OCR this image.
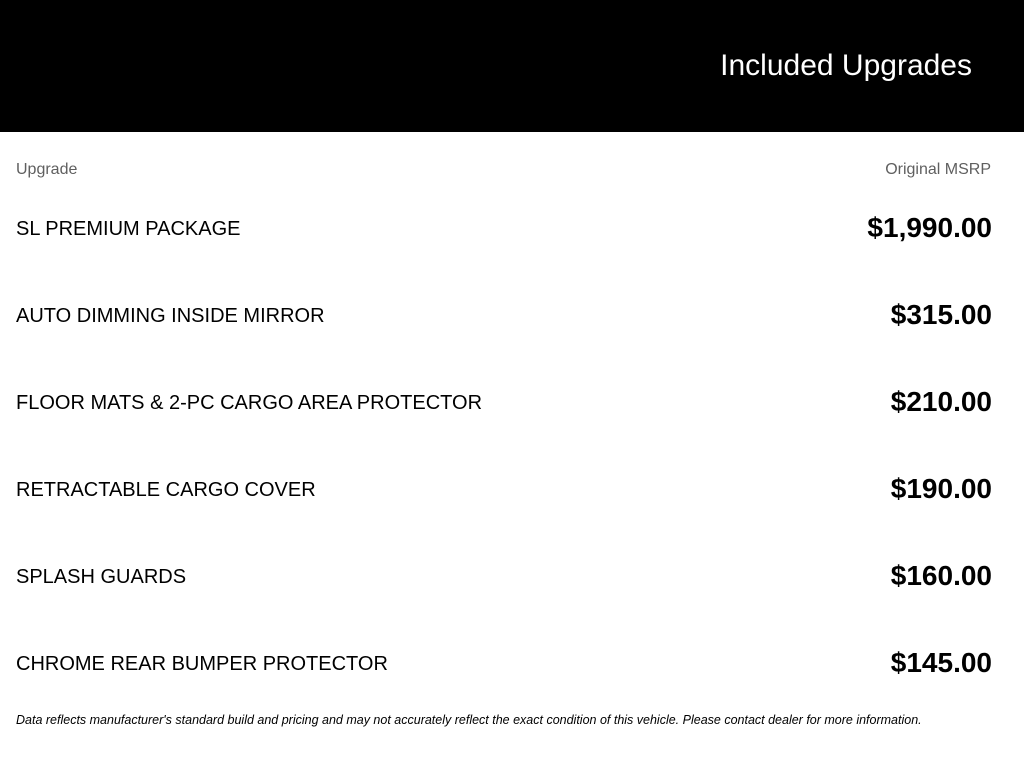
Included Upgrades
Upgrade	Original MSRP
SL PREMIUM PACKAGE	$1,990.00
AUTO DIMMING INSIDE MIRROR	$315.00
FLOOR MATS & 2-PC CARGO AREA PROTECTOR	$210.00
RETRACTABLE CARGO COVER	$190.00
SPLASH GUARDS	$160.00
CHROME REAR BUMPER PROTECTOR	$145.00
Data reflects manufacturer's standard build and pricing and may not accurately reflect the exact condition of this vehicle. Please contact dealer for more information.
